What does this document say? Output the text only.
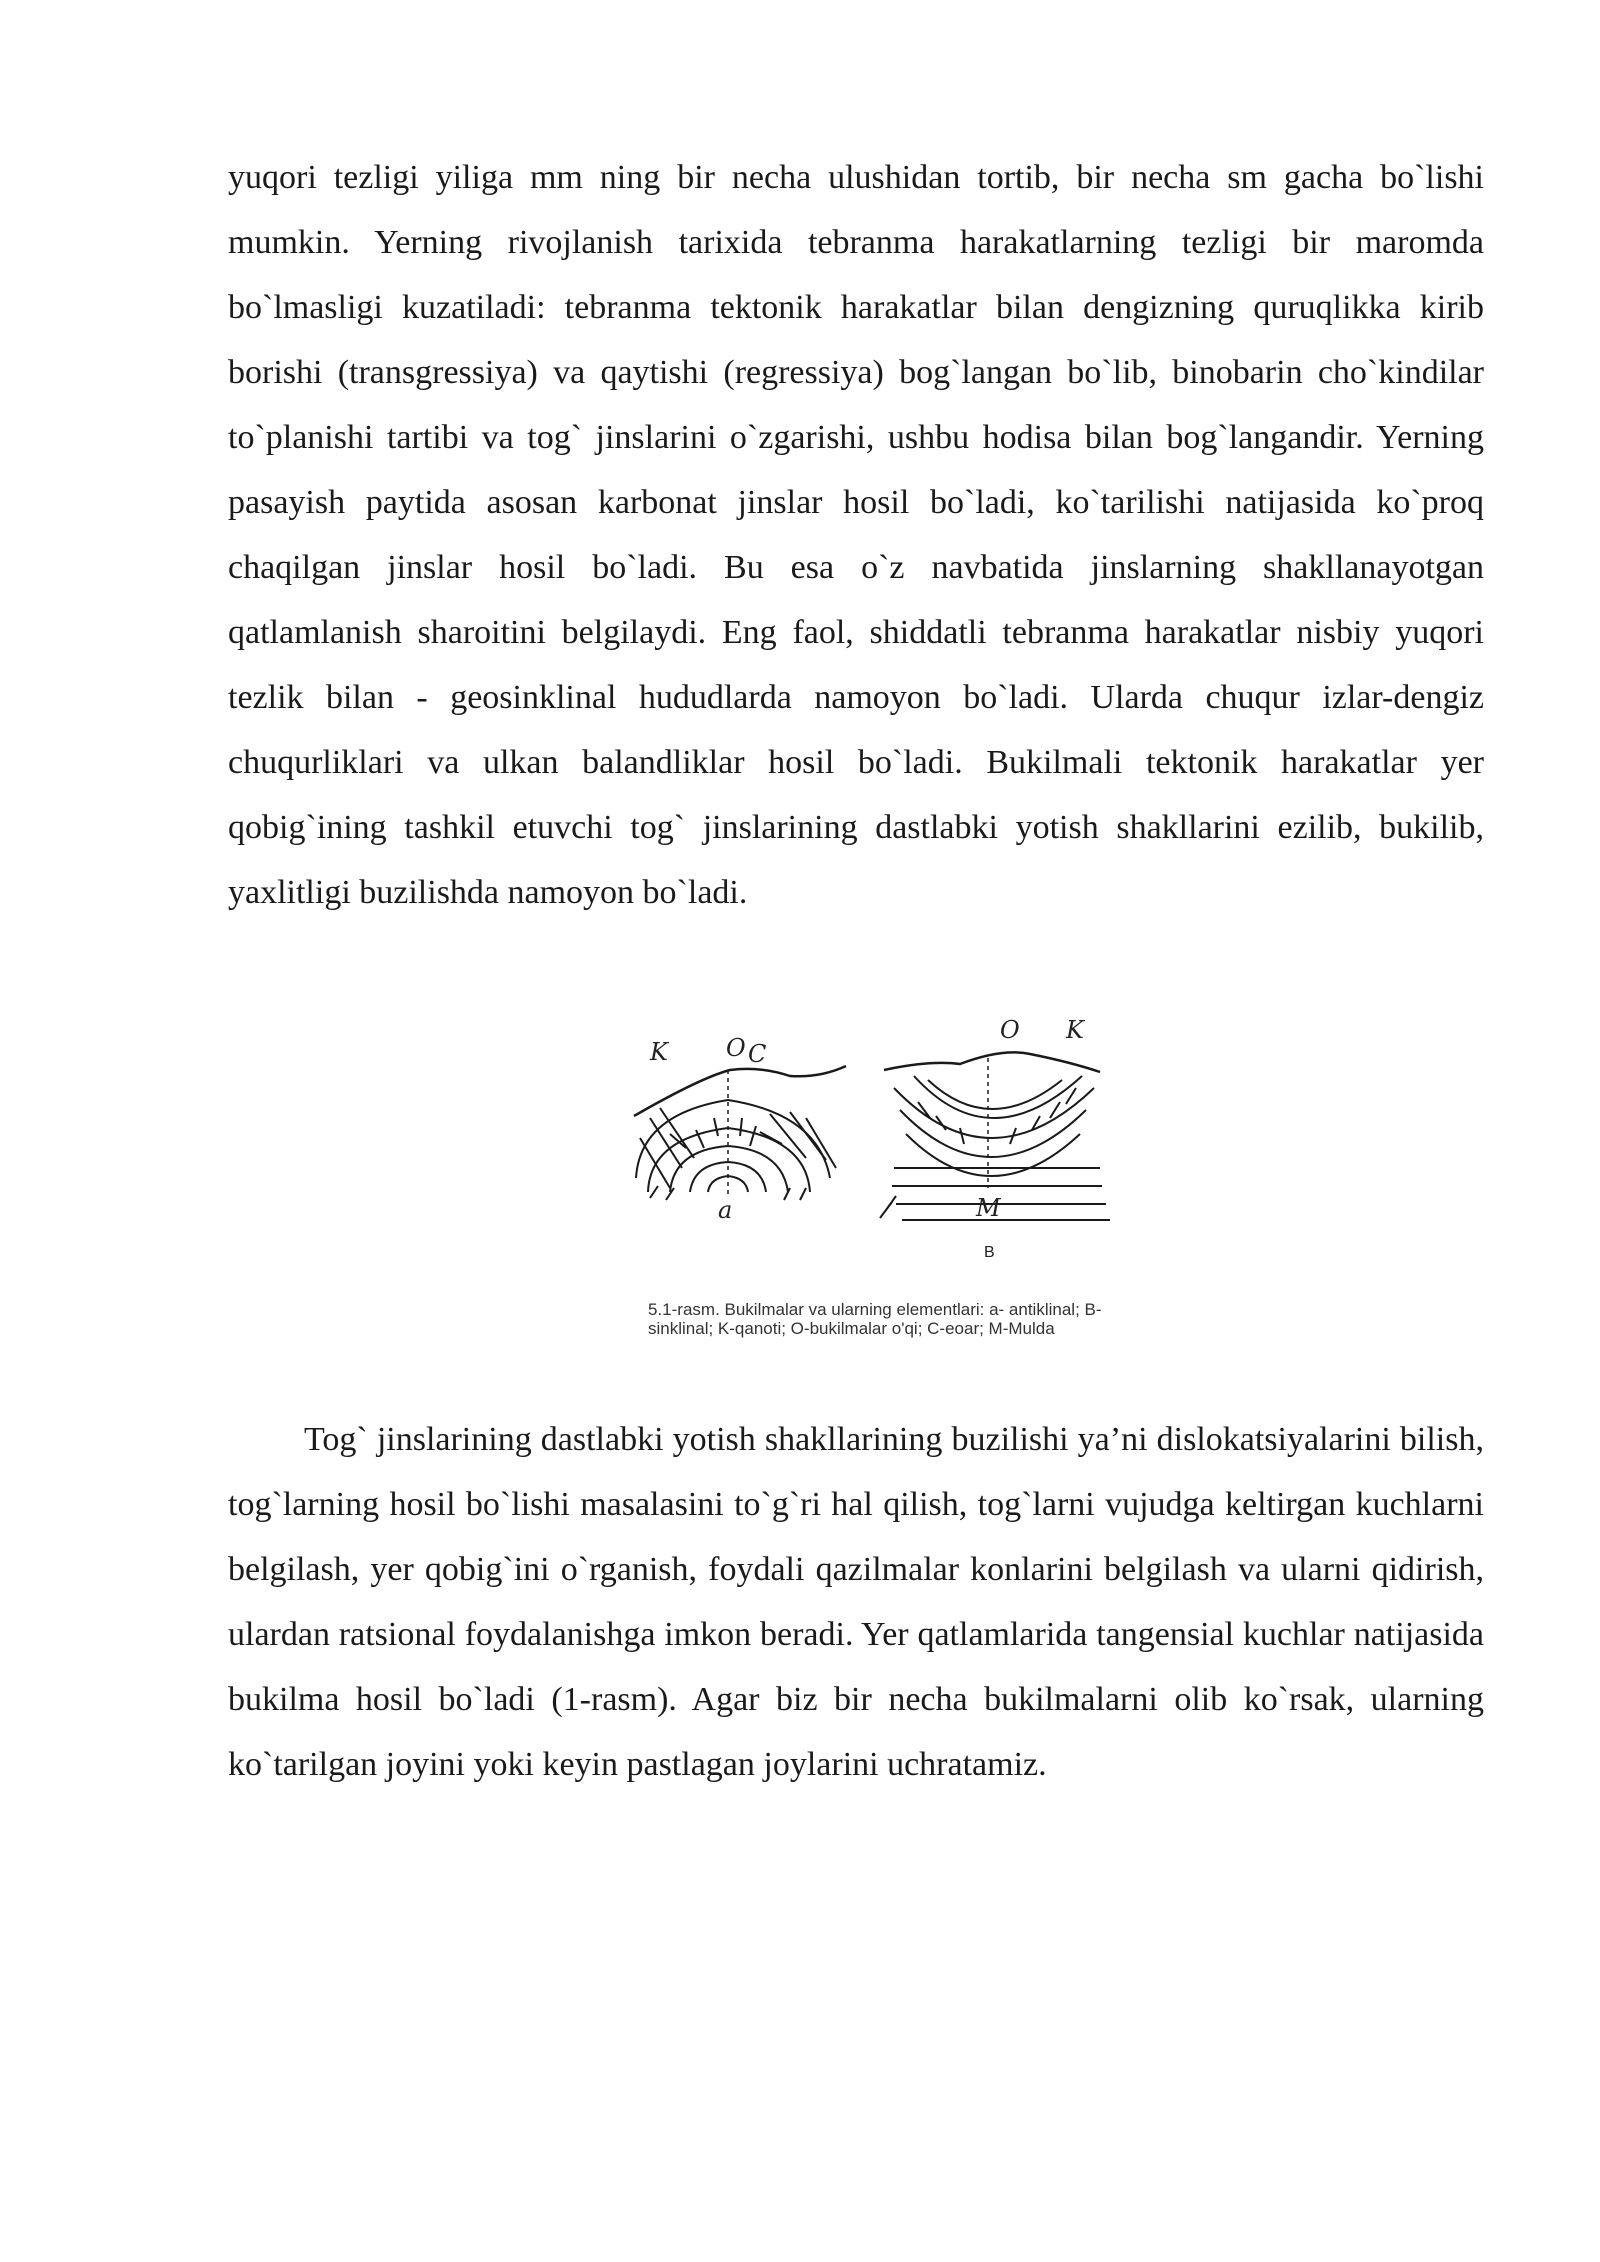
yuqori tezligi yiliga mm ning bir necha ulushidan tortib, bir necha sm gacha bo`lishi mumkin. Yerning rivojlanish tarixida tebranma harakatlarning tezligi bir maromda bo`lmasligi kuzatiladi: tebranma tektonik harakatlar bilan dengizning quruqlikka kirib borishi (transgressiya) va qaytishi (regressiya) bog`langan bo`lib, binobarin cho`kindilar to`planishi tartibi va tog` jinslarini o`zgarishi, ushbu hodisa bilan bog`langandir. Yerning pasayish paytida asosan karbonat jinslar hosil bo`ladi, ko`tarilishi natijasida ko`proq chaqilgan jinslar hosil bo`ladi. Bu esa o`z navbatida jinslarning shakllanayotgan qatlamlanish sharoitini belgilaydi. Eng faol, shiddatli tebranma harakatlar nisbiy yuqori tezlik bilan - geosinklinal hududlarda namoyon bo`ladi. Ularda chuqur izlar-dengiz chuqurliklari va ulkan balandliklar hosil bo`ladi. Bukilmali tektonik harakatlar yer qobig`ining tashkil etuvchi tog` jinslarining dastlabki yotish shakllarini ezilib, bukilib, yaxlitligi buzilishda namoyon bo`ladi.

K O C
a
O K
M
B
5.1-rasm. Bukilmalar va ularning elementlari: a- antiklinal; B-sinklinal; K-qanoti; O-bukilmalar o'qi; C-eoar; M-Mulda

Tog` jinslarining dastlabki yotish shakllarining buzilishi ya’ni dislokatsiyalarini bilish, tog`larning hosil bo`lishi masalasini to`g`ri hal qilish, tog`larni vujudga keltirgan kuchlarni belgilash, yer qobig`ini o`rganish, foydali qazilmalar konlarini belgilash va ularni qidirish, ulardan ratsional foydalanishga imkon beradi. Yer qatlamlarida tangensial kuchlar natijasida bukilma hosil bo`ladi (1-rasm). Agar biz bir necha bukilmalarni olib ko`rsak, ularning ko`tarilgan joyini yoki keyin pastlagan joylarini uchratamiz.
